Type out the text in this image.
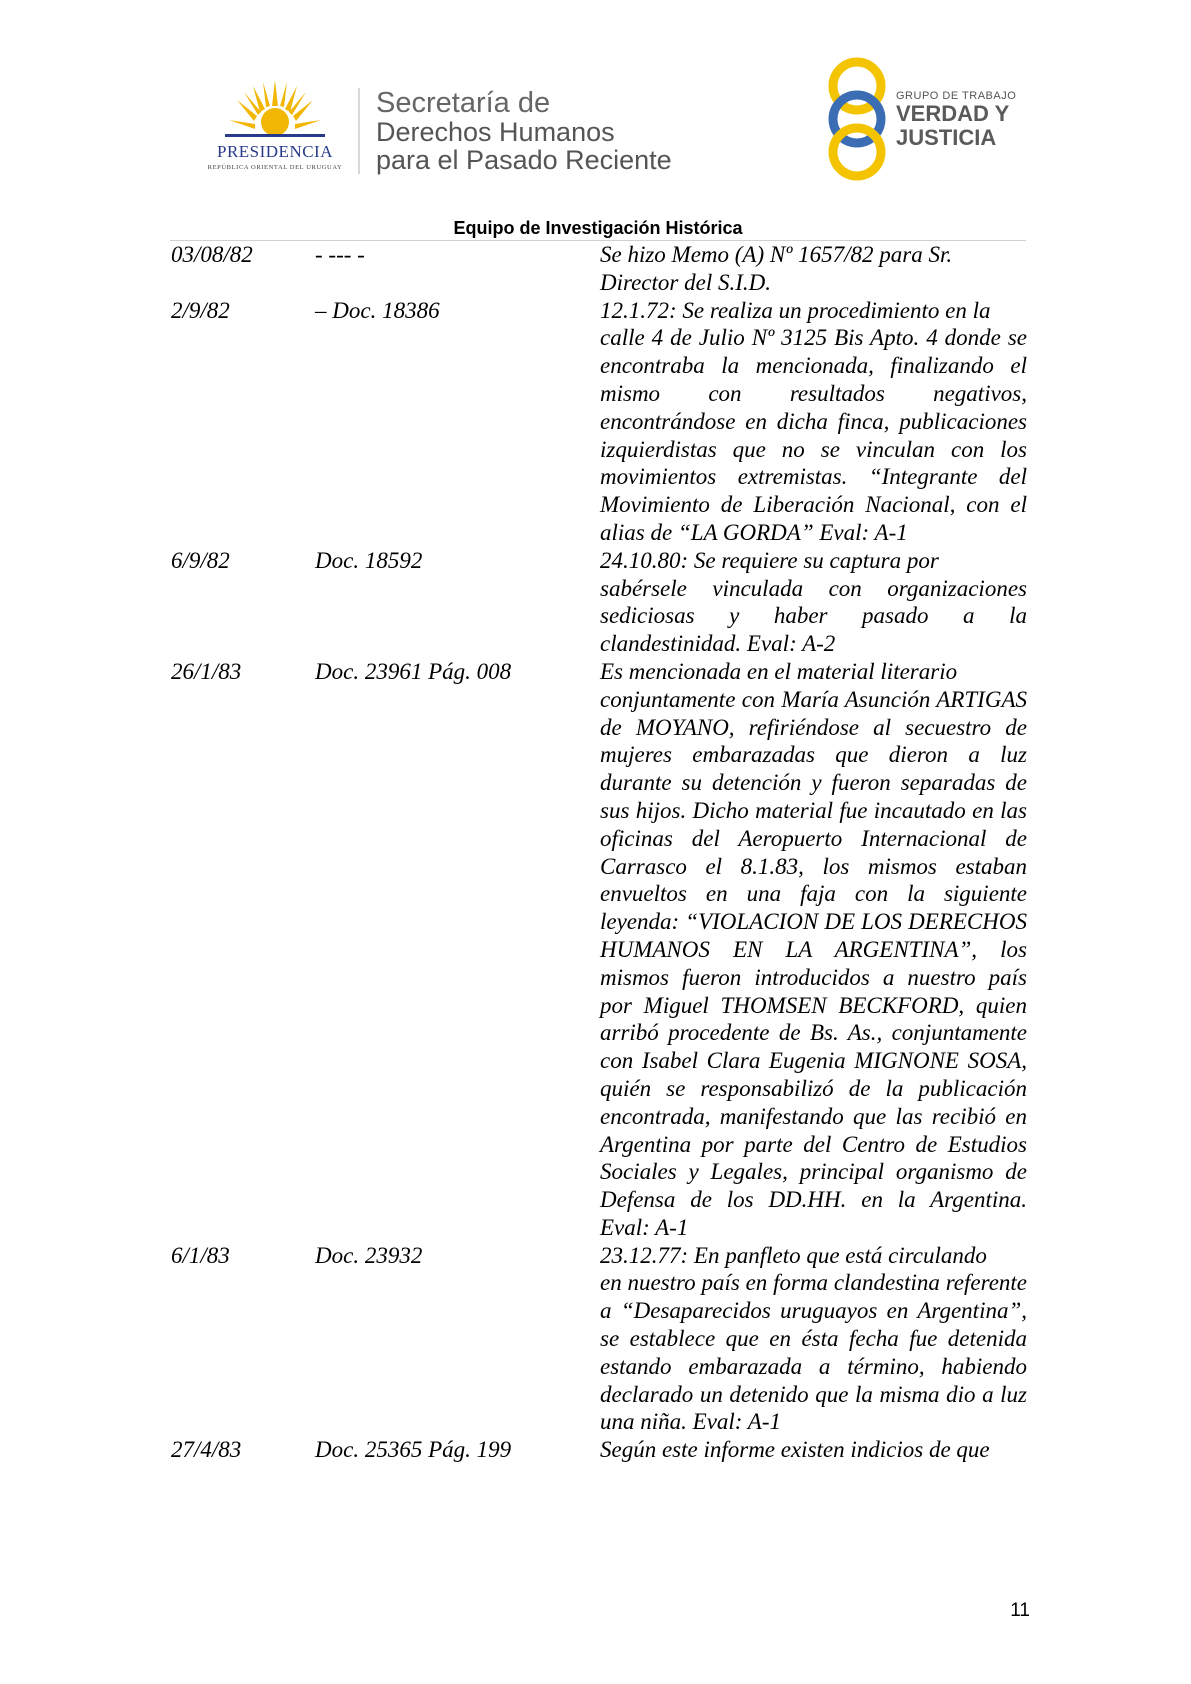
PRESIDENCIA
REPÚBLICA ORIENTAL DEL URUGUAY
Secretaría de
Derechos Humanos
para el Pasado Reciente
GRUPO DE TRABAJO
VERDAD Y
JUSTICIA
Equipo de Investigación Histórica
03/08/82	- --- -	Se hizo Memo (A) Nº 1657/82 para Sr.

Director del S.I.D.

2/9/82	– Doc. 18386	12.1.72: Se realiza un procedimiento en la

calle 4 de Julio Nº 3125 Bis Apto. 4 donde se encontraba la mencionada, finalizando el mismo con resultados negativos, encontrándose en dicha finca, publicaciones izquierdistas que no se vinculan con los movimientos extremistas. “Integrante del Movimiento de Liberación Nacional, con el alias de “LA GORDA” Eval: A-1

6/9/82	Doc. 18592	24.10.80: Se requiere su captura por

sabérsele vinculada con organizaciones sediciosas y haber pasado a la clandestinidad. Eval: A-2

26/1/83	Doc. 23961 Pág. 008	Es mencionada en el material literario

conjuntamente con María Asunción ARTIGAS de MOYANO, refiriéndose al secuestro de mujeres embarazadas que dieron a luz durante su detención y fueron separadas de sus hijos. Dicho material fue incautado en las oficinas del Aeropuerto Internacional de Carrasco el 8.1.83, los mismos estaban envueltos en una faja con la siguiente leyenda: “VIOLACION DE LOS DERECHOS HUMANOS EN LA ARGENTINA”, los mismos fueron introducidos a nuestro país por Miguel THOMSEN BECKFORD, quien arribó procedente de Bs. As., conjuntamente con Isabel Clara Eugenia MIGNONE SOSA, quién se responsabilizó de la publicación encontrada, manifestando que las recibió en Argentina por parte del Centro de Estudios Sociales y Legales, principal organismo de Defensa de los DD.HH. en la Argentina. Eval: A-1

6/1/83	Doc. 23932	23.12.77: En panfleto que está circulando

en nuestro país en forma clandestina referente a “Desaparecidos uruguayos en Argentina”, se establece que en ésta fecha fue detenida estando embarazada a término, habiendo declarado un detenido que la misma dio a luz una niña. Eval: A-1

27/4/83	Doc. 25365 Pág. 199	Según este informe existen indicios de que

11
